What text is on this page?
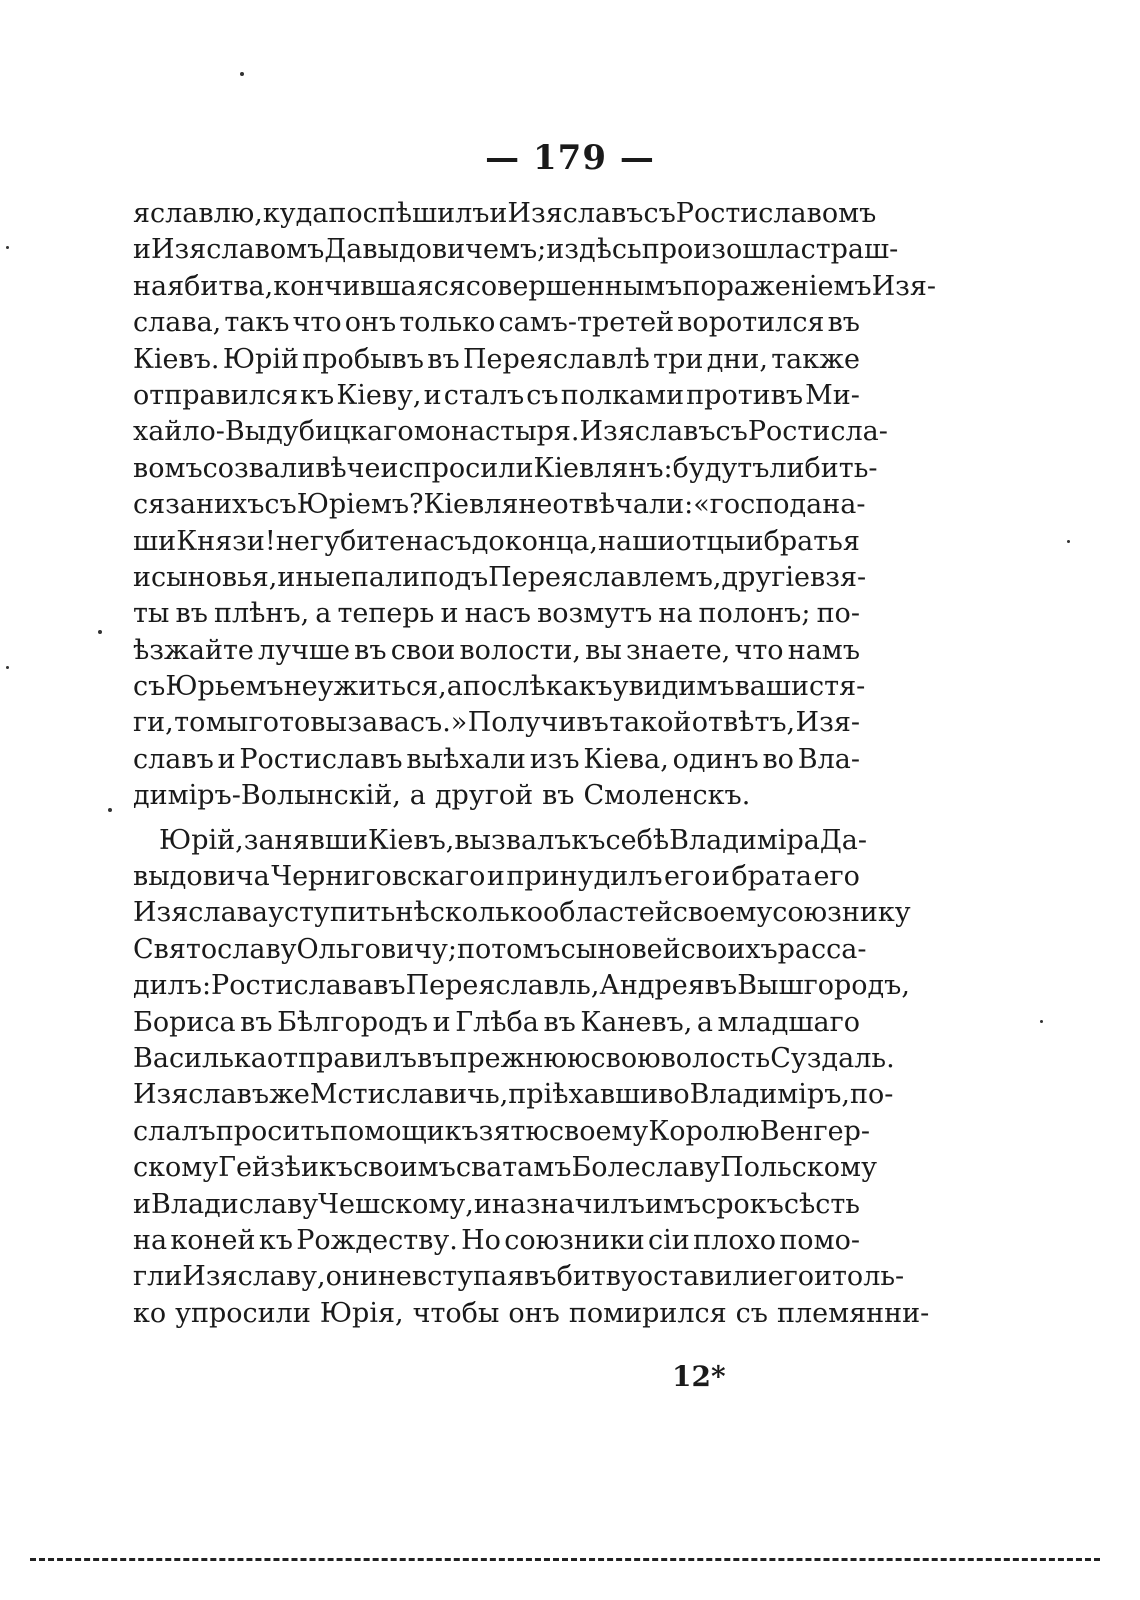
— 179 —
яславлю, куда поспѣшилъ и Изяславъ съ Ростиславомъ
и Изяславомъ Давыдовичемъ; и здѣсь произошла страш-
ная битва, кончившаяся совершеннымъ пораженіемъ Изя-
слава, такъ что онъ только самъ-третей воротился въ
Кіевъ. Юрій пробывъ въ Переяславлѣ три дни, также
отправился къ Кіеву, и сталъ съ полками противъ Ми-
хайло-Выдубицкаго монастыря. Изяславъ съ Ростисла-
вомъ созвали вѣче и спросили Кіевлянъ: будутъ ли бить-
ся за нихъ съ Юріемъ? Кіевляне отвѣчали: «господа на-
ши Князи! не губите насъ до конца, наши отцы и братья
и сыновья, иные пали подъ Переяславлемъ, другіе взя-
ты въ плѣнъ, а теперь и насъ возмутъ на полонъ; по-
ѣзжайте лучше въ свои волости, вы знаете, что намъ
съ Юрьемъ не ужиться, а послѣ какъ увидимъ ваши стя-
ги, то мы готовы за васъ.» Получивъ такой отвѣтъ, Изя-
славъ и Ростиславъ выѣхали изъ Кіева, одинъ во Вла-
диміръ-Волынскій, а другой въ Смоленскъ.
Юрій, занявши Кіевъ, вызвалъ къ себѣ Владиміра Да-
выдовича Черниговскаго и принудилъ его и брата его
Изяслава уступить нѣсколько областей своему союзнику
Святославу Ольговичу; потомъ сыновей своихъ расса-
дилъ: Ростислава въ Переяславль, Андрея въ Вышгородъ,
Бориса въ Бѣлгородъ и Глѣба въ Каневъ, а младшаго
Василька отправилъ въ прежнюю свою волость Суздаль.
Изяславъ же Мстиславичь, пріѣхавши во Владиміръ, по-
слалъ просить помощи къ зятю своему Королю Венгер-
скому Гейзѣ и къ своимъ сватамъ Болеславу Польскому
и Владиславу Чешскому, и назначилъ имъ срокъ сѣсть
на коней къ Рождеству. Но союзники сіи плохо помо-
гли Изяславу, они не вступая въ битву оставили его и толь-
ко упросили Юрія, чтобы онъ помирился съ племянни-
12*
